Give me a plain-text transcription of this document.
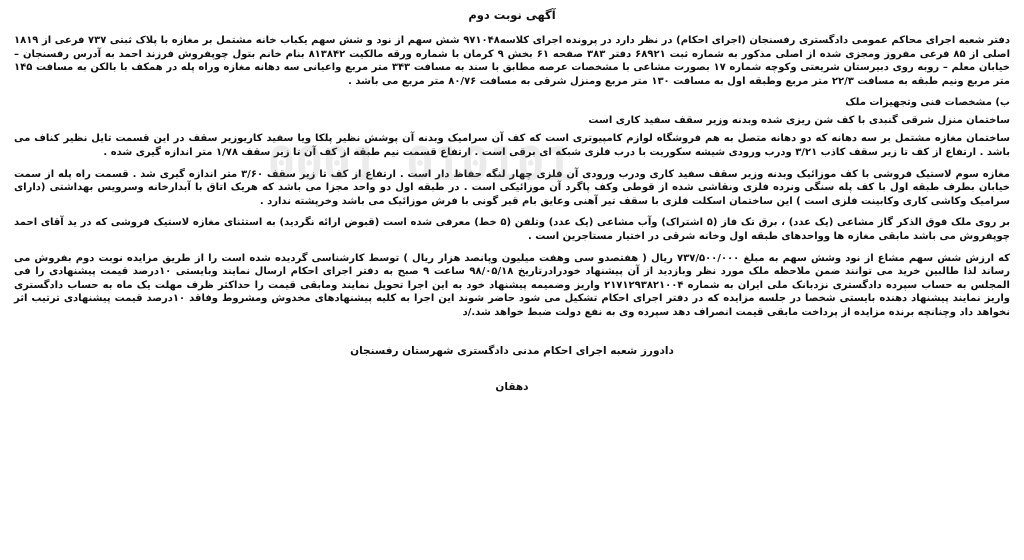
010101 0001
آگهی نوبت دوم

دفتر شعبه اجرای محاکم عمومی دادگستری رفسنجان (اجرای احکام) در نظر دارد در پرونده اجرای کلاسه۹۷۱۰۴۸ شش سهم از نود و شش سهم یکباب خانه مشتمل بر مغازه با پلاک ثبتی ۷۳۷ فرعی از ۱۸۱۹ اصلی از ۸۵ فرعی مفروز ومجزی شده از اصلی مذکور به شماره ثبت ۶۸۹۲۱ دفتر ۳۸۳ صفحه ۶۱ بخش ۹ کرمان با شماره ورقه مالکیت ۸۱۳۸۴۲ بنام خانم بتول چوپفروش فرزند احمد به آدرس رفسنجان – خیابان معلم – روبه روی دبیرستان شریعتی وکوچه شماره ۱۷ بصورت مشاعی با مشخصات عرصه مطابق با سند به مسافت ۳۴۳ متر مربع واعیانی سه دهانه مغازه وراه پله در همکف با بالکن به مسافت ۱۴۵ متر مربع ونیم طبقه به مسافت ۲۲/۳ متر مربع وطبقه اول به مسافت ۱۳۰ متر مربع ومنزل شرقی به مسافت ۸۰/۷۶ متر مربع می باشد .

ب) مشخصات فنی وتجهیزات ملک

ساختمان منزل شرقی گنبدی با کف شن ریزی شده وبدنه وزیر سقف سفید کاری است

ساختمان مغازه مشتمل بر سه دهانه که دو دهانه متصل به هم فروشگاه لوازم کامپیوتری است که کف آن سرامیک وبدنه آن پوشش نظیر پلکا ویا سفید کاریوزیر سقف در این قسمت تایل نظیر کناف می باشد . ارتفاع از کف تا زیر سقف کاذب ۳/۲۱ ودرب ورودی شیشه سکوریت با درب فلزی شبکه ای برقی است . ارتفاع قسمت نیم طبقه از کف آن تا زیر سقف ۱/۷۸ متر اندازه گیری شده .

مغازه سوم لاستیک فروشی با کف موزائیک وبدنه وزیر سقف سفید کاری ودرب ورودی آن فلزی چهار لنگه حفاظ دار است . ارتفاع از کف تا زیر سقف ۳/۶۰ متر اندازه گیری شد . قسمت راه پله از سمت خیابان بطرف طبقه اول با کف پله سنگی ونرده فلزی ونقاشی شده از قوطی وکف پاگرد آن موزائیکی است . در طبقه اول دو واحد مجزا می باشد که هریک اتاق با آبدارخانه وسرویس بهداشتی (دارای سرامیک وکاشی کاری وکابینت فلزی است ) این ساختمان اسکلت فلزی با سقف تیر آهنی وعایق بام قیر گونی با فرش موزائیک می باشد وخرپشته ندارد .

بر روی ملک فوق الذکر گاز مشاعی (یک عدد) ، برق تک فاز (۵ اشتراک) وآب مشاعی (یک عدد) وتلفن (۵ خط) معرفی شده است (قبوض ارائه نگردید) به استثنای مغازه لاستیک فروشی که در ید آقای احمد چوپفروش می باشد مابقی مغازه ها وواحدهای طبقه اول وخانه شرقی در اختیار مستاجرین است .

که ارزش شش سهم مشاع از نود وشش سهم به مبلغ ۷۳۷/۵۰۰/۰۰۰ ریال ( هفتصدو سی وهفت میلیون وپانصد هزار ریال ) توسط کارشناسی گردیده شده است را از طریق مزایده نوبت دوم بفروش می رساند لذا طالبین خرید می توانند ضمن ملاحظه ملک مورد نظر وبازدید از آن پیشنهاد خودرادرتاریخ ۹۸/۰۵/۱۸ ساعت ۹ صبح به دفتر اجرای احکام ارسال نمایند وبایستی ۱۰درصد قیمت پیشنهادی را فی المجلس به حساب سپرده دادگستری نزدبانک ملی ایران به شماره ۲۱۷۱۲۹۳۸۲۱۰۰۴ واریز وضمیمه پیشنهاد خود به این اجرا تحویل نمایند ومابقی قیمت را حداکثر ظرف مهلت یک ماه به حساب دادگستری واریز نمایند پیشنهاد دهنده بایستی شخصا در جلسه مزایده که در دفتر اجرای احکام تشکیل می شود حاضر شوند این اجرا به کلیه پیشنهادهای مخدوش ومشروط وفاقد ۱۰درصد قیمت پیشنهادی ترتیب اثر نخواهد داد وچنانچه برنده مزایده از پرداخت مابقی قیمت انصراف دهد سپرده وی به نفع دولت ضبط خواهد شد./د

دادورز شعبه اجرای احکام مدنی دادگستری شهرستان رفسنجان
دهقان
